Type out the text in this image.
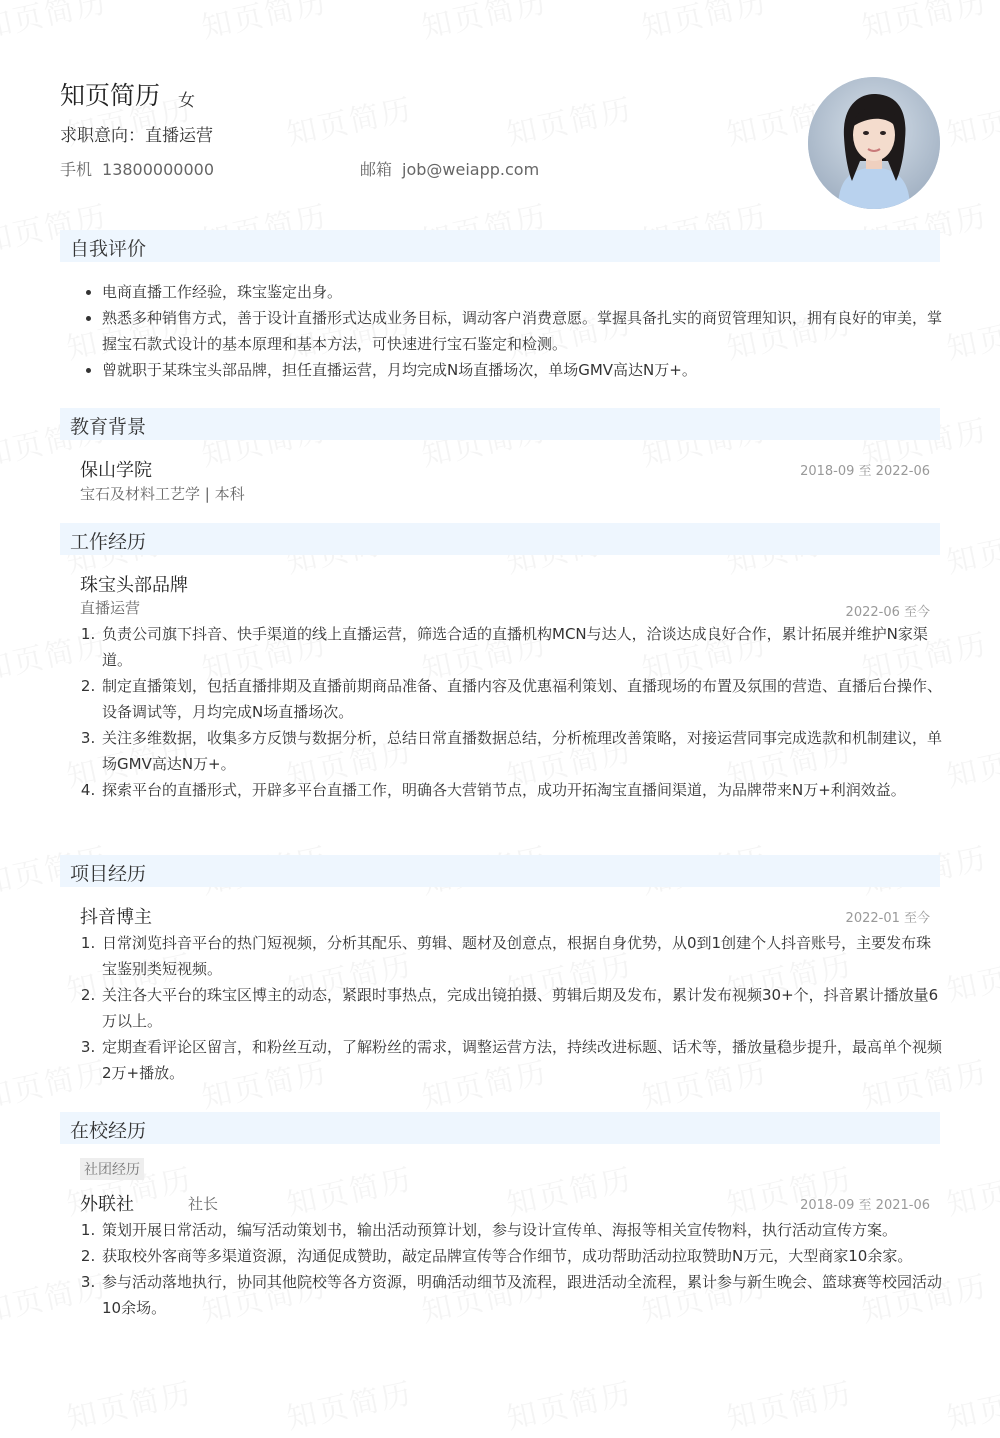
知页简历 女
求职意向：直播运营
手机 13800000000	邮箱 job@weiapp.com
自我评价
• 电商直播工作经验，珠宝鉴定出身。
• 熟悉多种销售方式，善于设计直播形式达成业务目标，调动客户消费意愿。掌握具备扎实的商贸管理知识，拥有良好的审美，掌握宝石款式设计的基本原理和基本方法，可快速进行宝石鉴定和检测。
• 曾就职于某珠宝头部品牌，担任直播运营，月均完成N场直播场次，单场GMV高达N万+。
教育背景
保山学院	2018-09 至 2022-06
宝石及材料工艺学 | 本科
工作经历
珠宝头部品牌
直播运营	2022-06 至今
1. 负责公司旗下抖音、快手渠道的线上直播运营，筛选合适的直播机构MCN与达人，洽谈达成良好合作，累计拓展并维护N家渠道。
2. 制定直播策划，包括直播排期及直播前期商品准备、直播内容及优惠福利策划、直播现场的布置及氛围的营造、直播后台操作、设备调试等，月均完成N场直播场次。
3. 关注多维数据，收集多方反馈与数据分析，总结日常直播数据总结，分析梳理改善策略，对接运营同事完成选款和机制建议，单场GMV高达N万+。
4. 探索平台的直播形式，开辟多平台直播工作，明确各大营销节点，成功开拓淘宝直播间渠道，为品牌带来N万+利润效益。
项目经历
抖音博主	2022-01 至今
1. 日常浏览抖音平台的热门短视频，分析其配乐、剪辑、题材及创意点，根据自身优势，从0到1创建个人抖音账号，主要发布珠宝鉴别类短视频。
2. 关注各大平台的珠宝区博主的动态，紧跟时事热点，完成出镜拍摄、剪辑后期及发布，累计发布视频30+个，抖音累计播放量6万以上。
3. 定期查看评论区留言，和粉丝互动，了解粉丝的需求，调整运营方法，持续改进标题、话术等，播放量稳步提升，最高单个视频2万+播放。
在校经历
社团经历
外联社	社长	2018-09 至 2021-06
1. 策划开展日常活动，编写活动策划书，输出活动预算计划，参与设计宣传单、海报等相关宣传物料，执行活动宣传方案。
2. 获取校外客商等多渠道资源，沟通促成赞助，敲定品牌宣传等合作细节，成功帮助活动拉取赞助N万元，大型商家10余家。
3. 参与活动落地执行，协同其他院校等各方资源，明确活动细节及流程，跟进活动全流程，累计参与新生晚会、篮球赛等校园活动10余场。
